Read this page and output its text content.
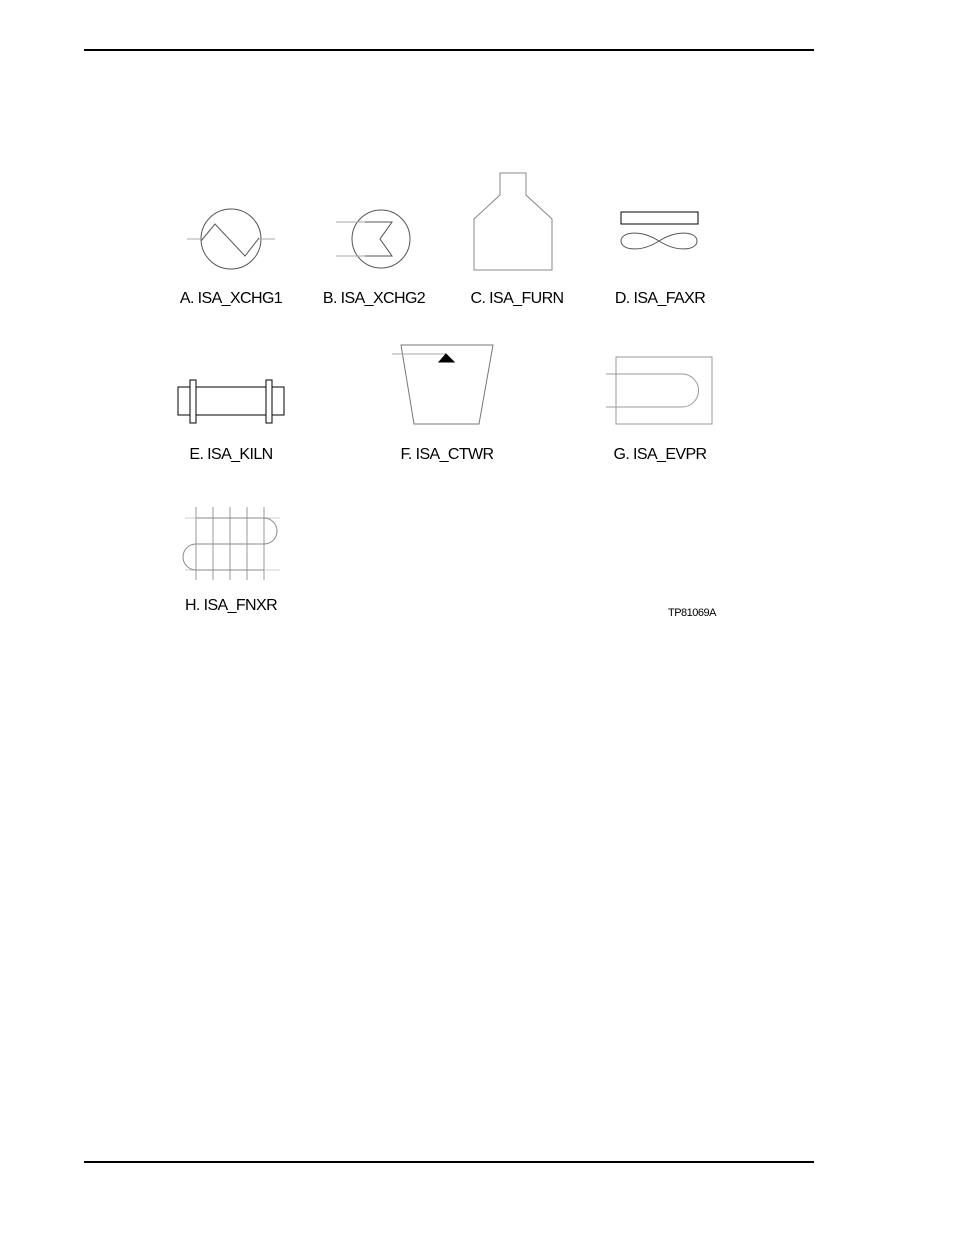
A. ISA_XCHG1	B. ISA_XCHG2	C. ISA_FURN	D. ISA_FAXR
E. ISA_KILN	F. ISA_CTWR	G. ISA_EVPR
H. ISA_FNXR	TP81069A
